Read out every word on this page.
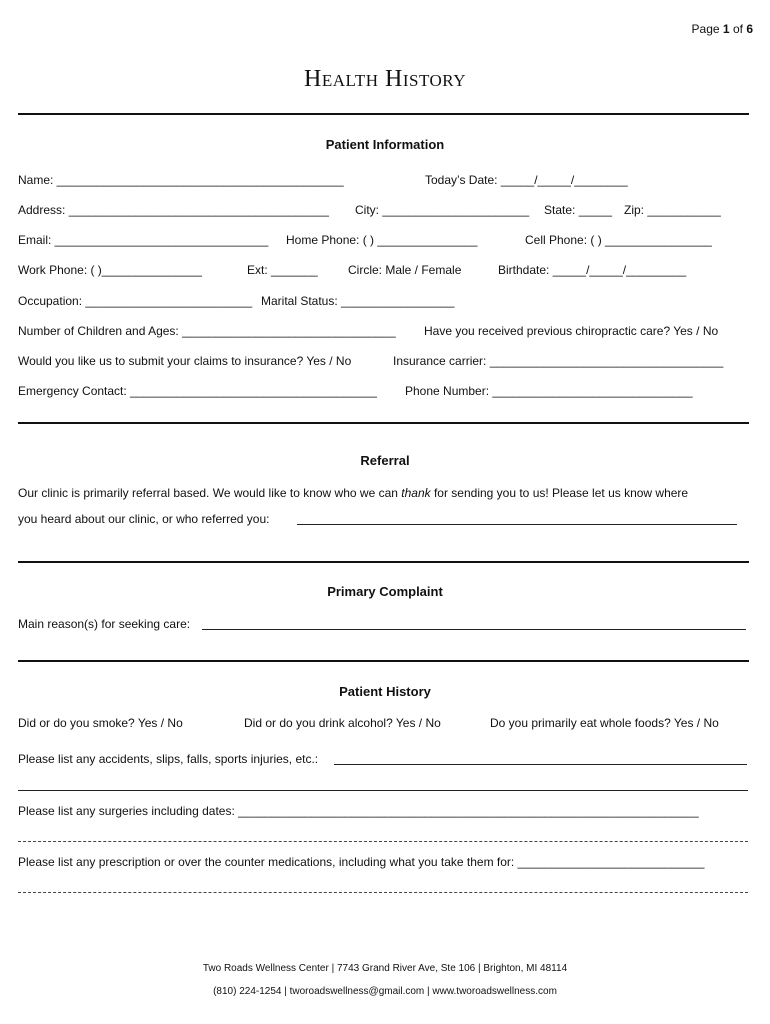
Page 1 of 6
Health History
Patient Information
Name: ___________________________________________	Today’s Date: _____/_____/________
Address: _______________________________________ City: ______________________ State: _____ Zip: ___________
Email: ________________________________ Home Phone: ( ) _______________	Cell Phone: ( ) ________________
Work Phone: ( )_______________	Ext: _______	Circle: Male / Female	Birthdate: _____/_____/_________
Occupation: _________________________ Marital Status: _________________
Number of Children and Ages: ________________________________ Have you received previous chiropractic care? Yes / No
Would you like us to submit your claims to insurance? Yes / No	Insurance carrier: ___________________________________
Emergency Contact: _____________________________________ Phone Number: ______________________________
Referral
Our clinic is primarily referral based. We would like to know who we can thank for sending you to us! Please let us know where
you heard about our clinic, or who referred you:
Primary Complaint
Main reason(s) for seeking care:
Patient History
Did or do you smoke? Yes / No	Did or do you drink alcohol? Yes / No	Do you primarily eat whole foods? Yes / No
Please list any accidents, slips, falls, sports injuries, etc.:
Please list any surgeries including dates: _____________________________________________________________________
Please list any prescription or over the counter medications, including what you take them for: ____________________________
Two Roads Wellness Center | 7743 Grand River Ave, Ste 106 | Brighton, MI 48114
(810) 224-1254 | tworoadswellness@gmail.com | www.tworoadswellness.com
